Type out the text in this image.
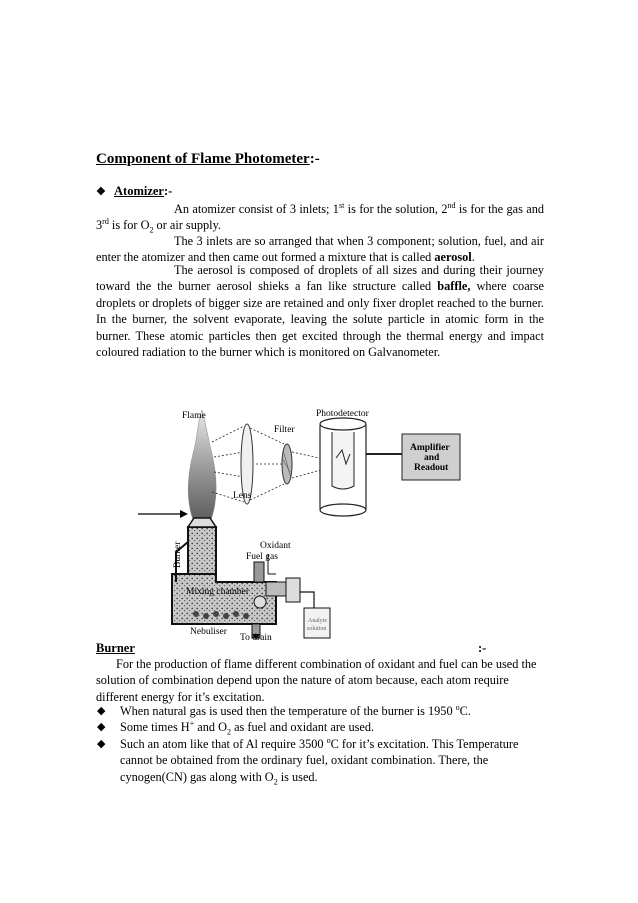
Component of Flame Photometer:-
❖ Atomizer:-
An atomizer consist of 3 inlets; 1st is for the solution, 2nd is for the gas and 3rd is for $O_2$ or air supply.
The 3 inlets are so arranged that when 3 component; solution, fuel, and air enter the atomizer and then came out formed a mixture that is called aerosol.
The aerosol is composed of droplets of all sizes and during their journey toward the the burner aerosol shieks a fan like structure called baffle, where coarse droplets or droplets of bigger size are retained and only fixer droplet reached to the burner. In the burner, the solvent evaporate, leaving the solute particle in atomic form in the burner. These atomic particles then get excited through the thermal energy and impact coloured radiation to the burner which is monitored on Galvanometer.
Flame
Filter
Photodetector
Amplifier
and
Readout
Lens
Burner	Oxidant
Fuel gas
Mixing chamber
Nebuliser
To drain
Analyte
solution
Burner	:-
For the production of flame different combination of oxidant and fuel can be used the solution of combination depend upon the nature of atom because, each atom require different energy for it’s excitation.
◆ When natural gas is used then the temperature of the burner is 1950 $^o$C.
◆ Some times H+ and $O_2$ as fuel and oxidant are used.
◆ Such an atom like that of Al require 3500 $^o$C for it’s excitation. This Temperature cannot be obtained from the ordinary fuel, oxidant combination. There, the cynogen(CN) gas along with $O_2$ is used.
